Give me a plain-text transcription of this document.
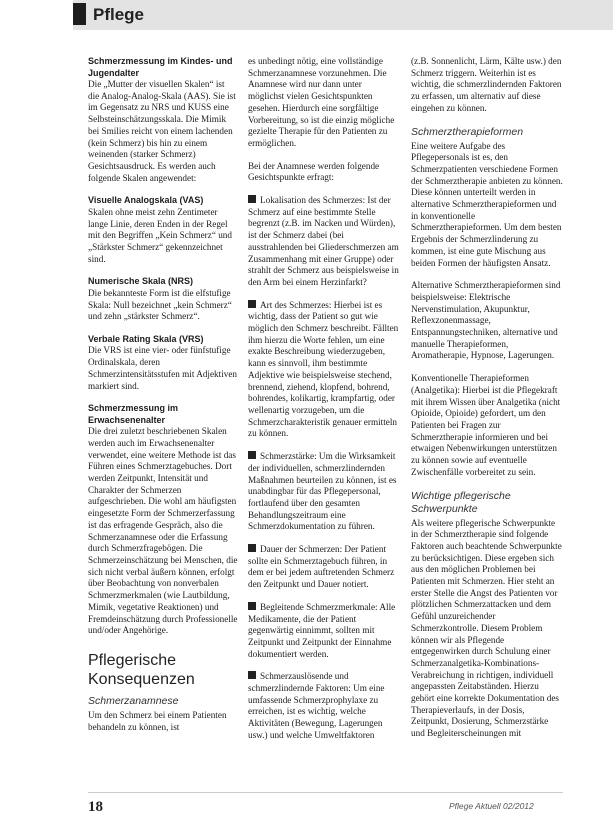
Pflege

Schmerzmessung im Kindes- und Jugendalter

Die „Mutter der visuellen Skalen“ ist die Analog-Analog-Skala (AAS). Sie ist im Gegensatz zu NRS und KUSS eine Selbsteinschätzungsskala. Die Mimik bei Smilies reicht von einem lachenden (kein Schmerz) bis hin zu einem weinenden (starker Schmerz) Gesichtsausdruck. Es werden auch folgende Skalen angewendet:

Visuelle Analogskala (VAS)

Skalen ohne meist zehn Zentimeter lange Linie, deren Enden in der Regel mit den Begriffen „Kein Schmerz“ und „Stärkster Schmerz“ gekennzeichnet sind.

Numerische Skala (NRS)

Die bekannteste Form ist die elfstufige Skala: Null bezeichnet „kein Schmerz“ und zehn „stärkster Schmerz“.

Verbale Rating Skala (VRS)

Die VRS ist eine vier- oder fünfstufige Ordinalskala, deren Schmerzintensitätsstufen mit Adjektiven markiert sind.

Schmerzmessung im Erwachsenenalter

Die drei zuletzt beschriebenen Skalen werden auch im Erwachsenenalter verwendet, eine weitere Methode ist das Führen eines Schmerztagebuches. Dort werden Zeitpunkt, Intensität und Charakter der Schmerzen aufgeschrieben. Die wohl am häufigsten eingesetzte Form der Schmerzerfassung ist das erfragende Gespräch, also die Schmerzanamnese oder die Erfassung durch Schmerzfragebögen. Die Schmerzeinschätzung bei Menschen, die sich nicht verbal äußern können, erfolgt über Beobachtung von nonverbalen Schmerzmerkmalen (wie Lautbildung, Mimik, vegetative Reaktionen) und Fremdeinschätzung durch Professionelle und/oder Angehörige.

Pflegerische Konsequenzen

Schmerzanamnese

Um den Schmerz bei einem Patienten behandeln zu können, ist

es unbedingt nötig, eine vollständige Schmerzanamnese vorzunehmen. Die Anamnese wird nur dann unter möglichst vielen Gesichtspunkten gesehen. Hierdurch eine sorgfältige Vorbereitung, so ist die einzig mögliche gezielte Therapie für den Patienten zu ermöglichen.

Bei der Anamnese werden folgende Gesichtspunkte erfragt:

Lokalisation des Schmerzes: Ist der Schmerz auf eine bestimmte Stelle begrenzt (z.B. im Nacken und Würden), ist der Schmerz dabei (bei ausstrahlenden bei Gliederschmerzen am Zusammenhang mit einer Gruppe) oder strahlt der Schmerz aus beispielsweise in den Arm bei einem Herzinfarkt?

Art des Schmerzes: Hierbei ist es wichtig, dass der Patient so gut wie möglich den Schmerz beschreibt. Fällten ihm hierzu die Worte fehlen, um eine exakte Beschreibung wiederzugeben, kann es sinnvoll, ihm bestimmte Adjektive wie beispielsweise stechend, brennend, ziehend, klopfend, bohrend, bohrendes, kolikartig, krampfartig, oder wellenartig vorzugeben, um die Schmerzcharakteristik genauer ermitteln zu können.

Schmerzstärke: Um die Wirksamkeit der individuellen, schmerzlindernden Maßnahmen beurteilen zu können, ist es unabdingbar für das Pflegepersonal, fortlaufend über den gesamten Behandlungszeitraum eine Schmerzdokumentation zu führen.

Dauer der Schmerzen: Der Patient sollte ein Schmerztagebuch führen, in dem er bei jedem auftretenden Schmerz den Zeitpunkt und Dauer notiert.

Begleitende Schmerzmerkmale: Alle Medikamente, die der Patient gegenwärtig einnimmt, sollten mit Zeitpunkt und Zeitpunkt der Einnahme dokumentiert werden.

Schmerzauslösende und schmerzlindernde Faktoren: Um eine umfassende Schmerzprophylaxe zu erreichen, ist es wichtig, welche Aktivitäten (Bewegung, Lagerungen usw.) und welche Umweltfaktoren

(z.B. Sonnenlicht, Lärm, Kälte usw.) den Schmerz triggern. Weiterhin ist es wichtig, die schmerzlindernden Faktoren zu erfassen, um alternativ auf diese eingehen zu können.

Schmerztherapieformen

Eine weitere Aufgabe des Pflegepersonals ist es, den Schmerzpatienten verschiedene Formen der Schmerztherapie anbieten zu können. Diese können unterteilt werden in alternative Schmerztherapieformen und in konventionelle Schmerztherapieformen. Um dem besten Ergebnis der Schmerzlinderung zu kommen, ist eine gute Mischung aus beiden Formen der häufigsten Ansatz.

Alternative Schmerztherapieformen sind beispielsweise: Elektrische Nervenstimulation, Akupunktur, Reflexzonenmassage, Entspannungstechniken, alternative und manuelle Therapieformen, Aromatherapie, Hypnose, Lagerungen.

Konventionelle Therapieformen (Analgetika): Hierbei ist die Pflegekraft mit ihrem Wissen über Analgetika (nicht Opioide, Opioide) gefordert, um den Patienten bei Fragen zur Schmerztherapie informieren und bei etwaigen Nebenwirkungen unterstützen zu können sowie auf eventuelle Zwischenfälle vorbereitet zu sein.

Wichtige pflegerische Schwerpunkte

Als weitere pflegerische Schwerpunkte in der Schmerztherapie sind folgende Faktoren auch beachtende Schwerpunkte zu berücksichtigen. Diese ergeben sich aus den möglichen Problemen bei Patienten mit Schmerzen. Hier steht an erster Stelle die Angst des Patienten vor plötzlichen Schmerzattacken und dem Gefühl unzureichender Schmerzkontrolle. Diesem Problem können wir als Pflegende entgegenwirken durch Schulung einer Schmerzanalgetika-Kombinations-Verabreichung in richtigen, individuell angepassten Zeitabständen. Hierzu gehört eine korrekte Dokumentation des Therapieverlaufs, in der Dosis, Zeitpunkt, Dosierung, Schmerzstärke und Begleiterscheinungen mit

18	Pflege Aktuell 02/2012
